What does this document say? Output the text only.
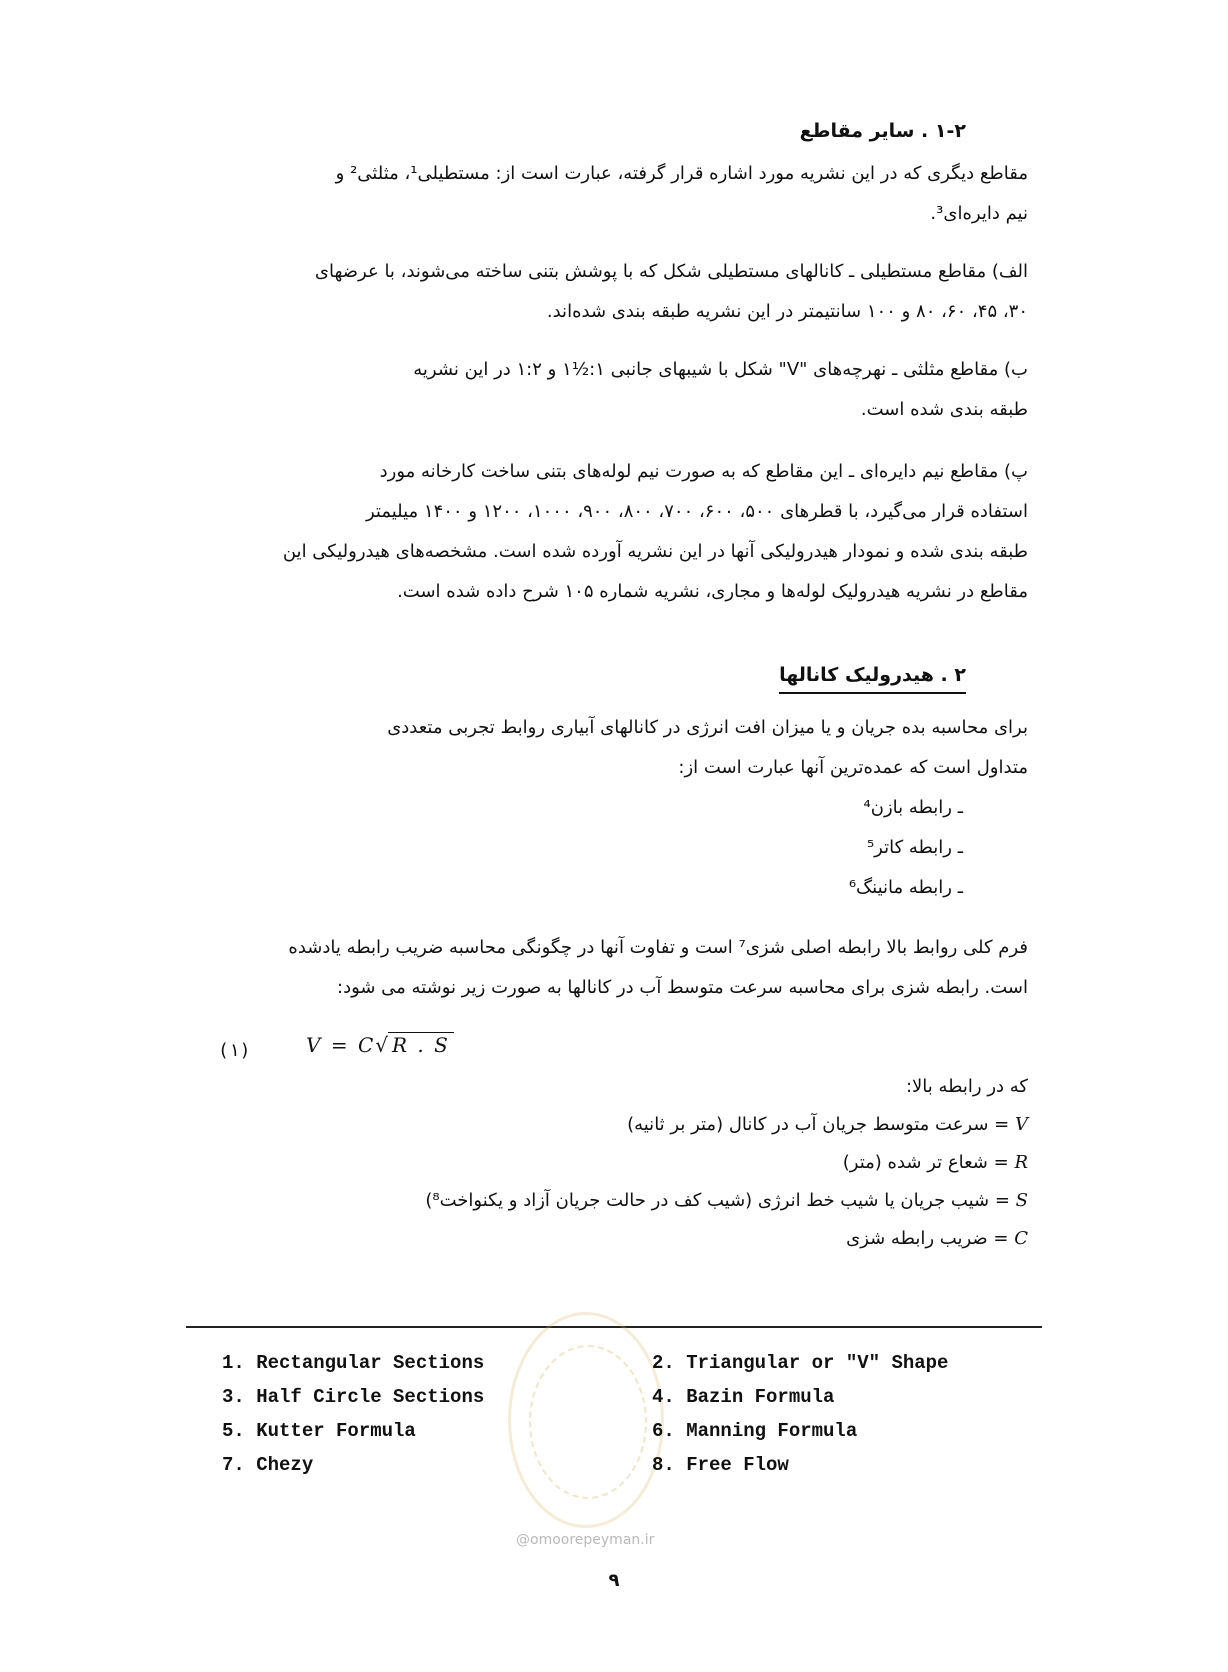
۱-۲ . سایر مقاطع
مقاطع دیگری که در این نشریه مورد اشاره قرار گرفته، عبارت است از: مستطیلی¹، مثلثی² و
نیم دایره‌ای³.
الف) مقاطع مستطیلی ـ کانالهای مستطیلی شکل که با پوشش بتنی ساخته می‌شوند، با عرضهای
۳۰، ۴۵، ۶۰، ۸۰ و ۱۰۰ سانتیمتر در این نشریه طبقه بندی شده‌اند.
ب) مقاطع مثلثی ـ نهرچه‌های "V" شکل با شیبهای جانبی ۱:½۱ و ۱:۲ در این نشریه
طبقه بندی شده است.
پ) مقاطع نیم دایره‌ای ـ این مقاطع که به صورت نیم لوله‌های بتنی ساخت کارخانه مورد
استفاده قرار می‌گیرد، با قطرهای ۵۰۰، ۶۰۰، ۷۰۰، ۸۰۰، ۹۰۰، ۱۰۰۰، ۱۲۰۰ و ۱۴۰۰ میلیمتر
طبقه بندی شده و نمودار هیدرولیکی آنها در این نشریه آورده شده است. مشخصه‌های هیدرولیکی این
مقاطع در نشریه هیدرولیک لوله‌ها و مجاری، نشریه شماره ۱۰۵ شرح داده شده است.
۲ . هیدرولیک کانالها
برای محاسبه بده جریان و یا میزان افت انرژی در کانالهای آبیاری روابط تجربی متعددی
متداول است که عمده‌ترین آنها عبارت است از:
ـ رابطه بازن⁴
ـ رابطه کاتر⁵
ـ رابطه مانینگ⁶
فرم کلی روابط بالا رابطه اصلی شزی⁷ است و تفاوت آنها در چگونگی محاسبه ضریب رابطه یادشده
است. رابطه شزی برای محاسبه سرعت متوسط آب در کانالها به صورت زیر نوشته می شود:
(۱)	V = C√ R . S
که در رابطه بالا:
V = سرعت متوسط جریان آب در کانال (متر بر ثانیه)
R = شعاع تر شده (متر)
S = شیب جریان یا شیب خط انرژی (شیب کف در حالت جریان آزاد و یکنواخت⁸)
C = ضریب رابطه شزی
1. Rectangular Sections	2. Triangular or "V" Shape
3. Half Circle Sections	4. Bazin Formula
5. Kutter Formula	6. Manning Formula
7. Chezy	8. Free Flow
@omoorepeyman.ir
۹
